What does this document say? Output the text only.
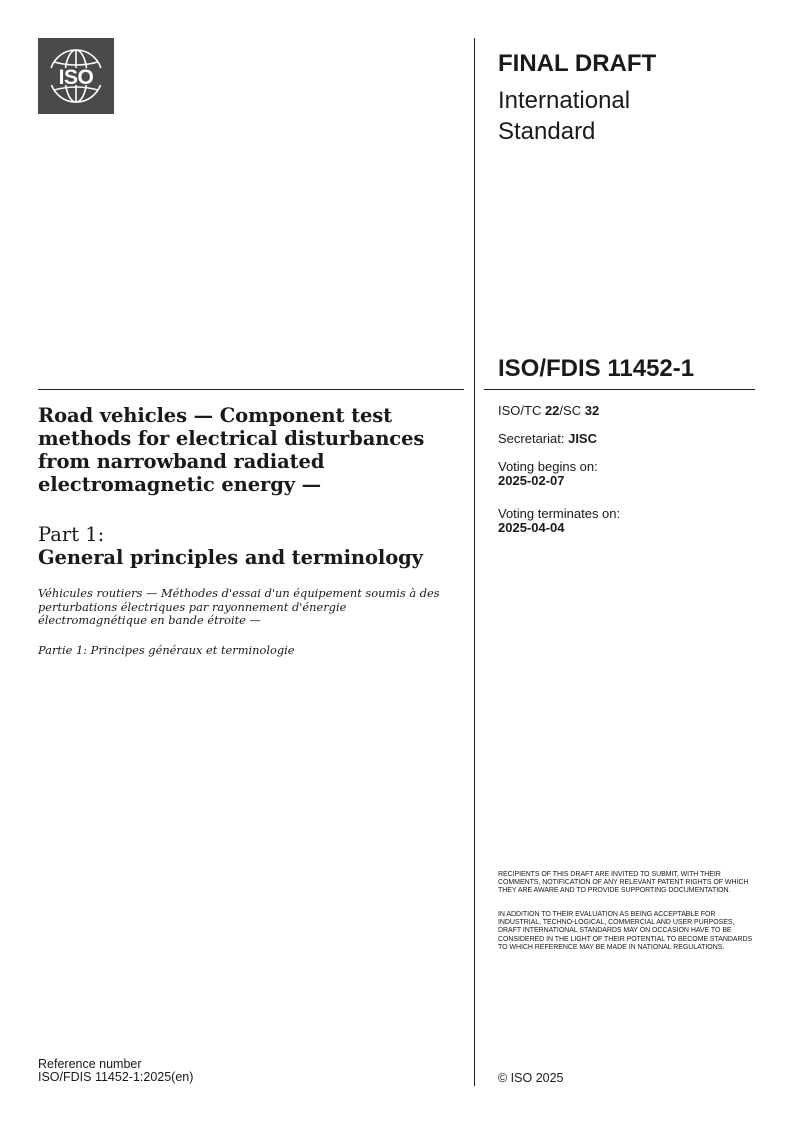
ISO
FINAL DRAFT
International
Standard
ISO/FDIS 11452-1
ISO/TC 22/SC 32
Secretariat: JISC
Voting begins on:
2025-02-07
Voting terminates on:
2025-04-04
Road vehicles — Component test methods for electrical disturbances from narrowband radiated electromagnetic energy —
Part 1:
General principles and terminology
Véhicules routiers — Méthodes d'essai d'un équipement soumis à des perturbations électriques par rayonnement d'énergie électromagnétique en bande étroite —
Partie 1: Principes généraux et terminologie
RECIPIENTS OF THIS DRAFT ARE INVITED TO SUBMIT, WITH THEIR COMMENTS, NOTIFICATION OF ANY RELEVANT PATENT RIGHTS OF WHICH THEY ARE AWARE AND TO PROVIDE SUPPORTING DOCUMENTATION.
IN ADDITION TO THEIR EVALUATION AS BEING ACCEPTABLE FOR INDUSTRIAL, TECHNO-LOGICAL, COMMERCIAL AND USER PURPOSES, DRAFT INTERNATIONAL STANDARDS MAY ON OCCASION HAVE TO BE CONSIDERED IN THE LIGHT OF THEIR POTENTIAL TO BECOME STANDARDS TO WHICH REFERENCE MAY BE MADE IN NATIONAL REGULATIONS.
Reference number
ISO/FDIS 11452-1:2025(en)	© ISO 2025
